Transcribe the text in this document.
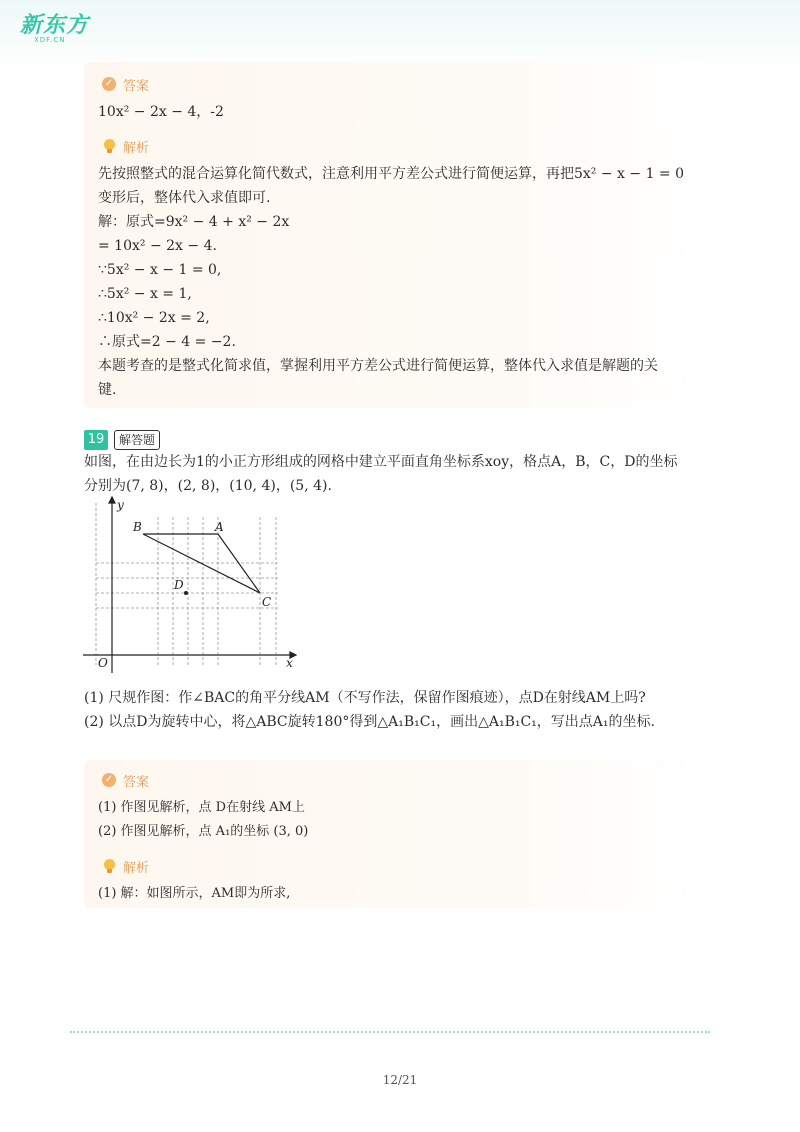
新东方
XDF.CN
✓ 答案
10x² − 2x − 4，-2
解析
先按照整式的混合运算化简代数式，注意利用平方差公式进行简便运算，再把5x² − x − 1 = 0
变形后，整体代入求值即可.
解：原式=9x² − 4 + x² − 2x
= 10x² − 2x − 4.
∵5x² − x − 1 = 0,
∴5x² − x = 1,
∴10x² − 2x = 2,
∴原式=2 − 4 = −2.
本题考查的是整式化简求值，掌握利用平方差公式进行简便运算，整体代入求值是解题的关
键.
19	解答题
如图，在由边长为1的小正方形组成的网格中建立平面直角坐标系xoy，格点A，B，C，D的坐标
分别为(7, 8)，(2, 8)，(10, 4)，(5, 4).
x
y
O
B	A
C
D
(1) 尺规作图：作∠BAC的角平分线AM（不写作法，保留作图痕迹），点D在射线AM上吗?
(2) 以点D为旋转中心，将△ABC旋转180°得到△A₁B₁C₁，画出△A₁B₁C₁，写出点A₁的坐标.
✓ 答案
(1) 作图见解析，点 D在射线 AM上
(2) 作图见解析，点 A₁的坐标 (3, 0)
解析
(1) 解：如图所示，AM即为所求,
12/21
